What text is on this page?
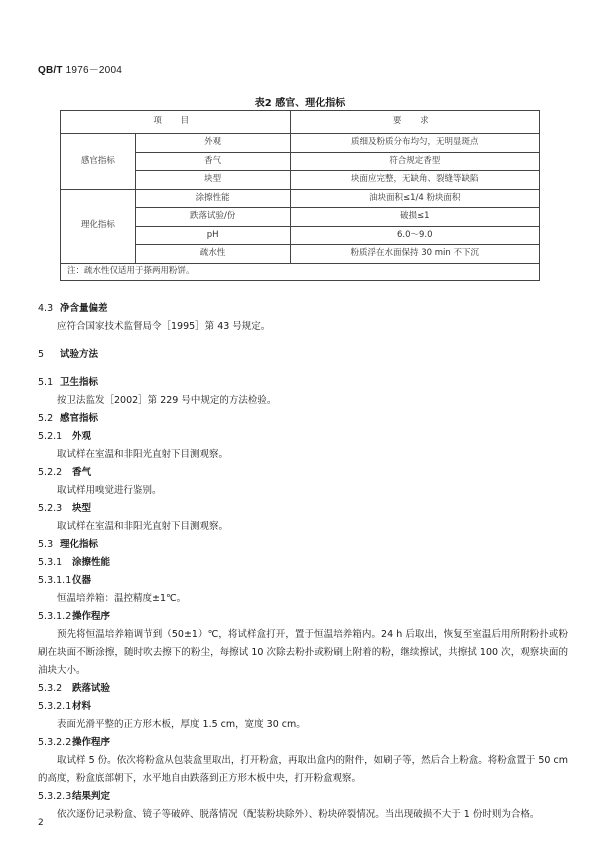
QB/T 1976－2004
表2 感官、理化指标
项 目		要 求
感官指标	外观	质细及粉质分布均匀，无明显斑点
	香气	符合规定香型
	块型	块面应完整，无缺角、裂缝等缺陷
理化指标	涂擦性能	油块面积≤1/4 粉块面积
	跌落试验/份	破损≤1
	pH	6.0～9.0
	疏水性	粉质浮在水面保持 30 min 不下沉
注：疏水性仅适用于搽两用粉饼。		
4.3 净含量偏差
应符合国家技术监督局令［1995］第 43 号规定。
5 试验方法
5.1 卫生指标
按卫法监发［2002］第 229 号中规定的方法检验。
5.2 感官指标
5.2.1 外观
取试样在室温和非阳光直射下目测观察。
5.2.2 香气
取试样用嗅觉进行鉴别。
5.2.3 块型
取试样在室温和非阳光直射下目测观察。
5.3 理化指标
5.3.1 涂擦性能
5.3.1.1仪器
恒温培养箱：温控精度±1℃。
5.3.1.2操作程序
预先将恒温培养箱调节到（50±1）℃，将试样盒打开，置于恒温培养箱内。24 h 后取出，恢复至室温后用所附粉扑或粉刷在块面不断涂擦，随时吹去擦下的粉尘，每擦试 10 次除去粉扑或粉刷上附着的粉，继续擦试，共擦拭 100 次，观察块面的油块大小。
5.3.2 跌落试验
5.3.2.1材料
表面光滑平整的正方形木板，厚度 1.5 cm，宽度 30 cm。
5.3.2.2操作程序
取试样 5 份。依次将粉盒从包装盒里取出，打开粉盒，再取出盒内的附件，如刷子等，然后合上粉盒。将粉盒置于 50 cm 的高度，粉盒底部朝下，水平地自由跌落到正方形木板中央，打开粉盒观察。
5.3.2.3结果判定
依次逐份记录粉盒、镜子等破碎、脱落情况（配装粉块除外）、粉块碎裂情况。当出现破损不大于 1 份时则为合格。
2
